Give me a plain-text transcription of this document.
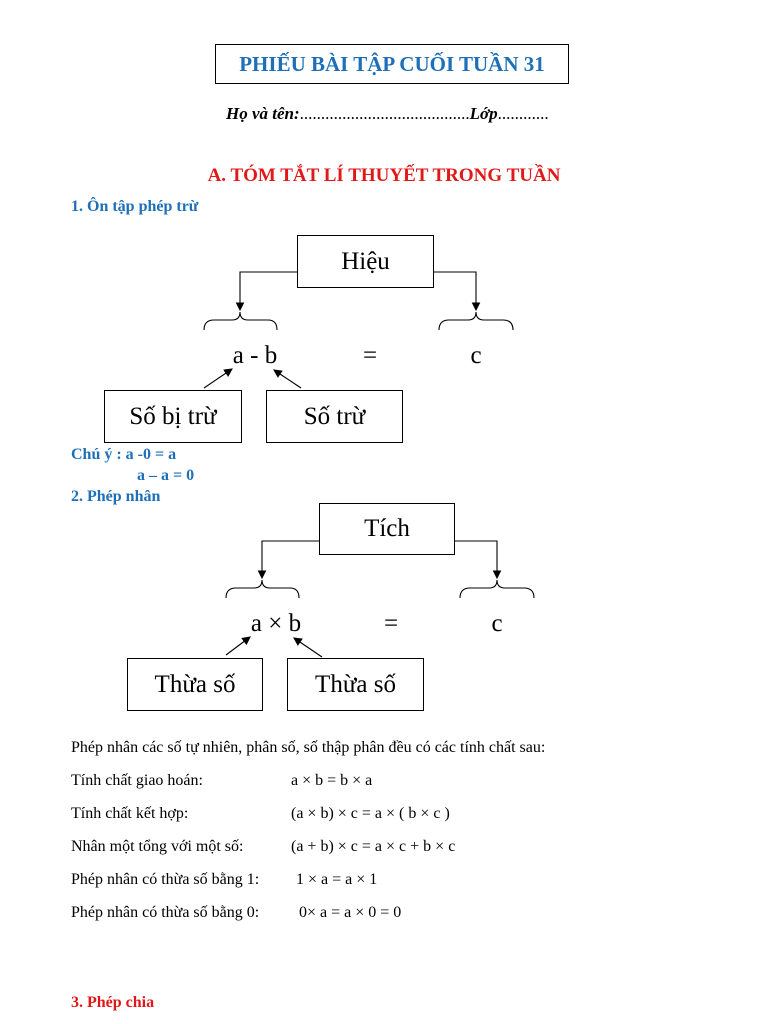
PHIẾU BÀI TẬP CUỐI TUẦN 31
Họ và tên:........................................Lớp............
A. TÓM TẮT LÍ THUYẾT TRONG TUẦN
1. Ôn tập phép trừ
Hiệu
a - b	=	c
Số bị trừ	Số trừ
Chú ý : a -0 = a
a – a = 0
2. Phép nhân
Tích
a × b	=	c
Thừa số	Thừa số
Phép nhân các số tự nhiên, phân số, số thập phân đều có các tính chất sau:
Tính chất giao hoán:	a × b = b × a
Tính chất kết hợp:	(a × b) × c = a × ( b × c )
Nhân một tổng với một số:	(a + b) × c = a × c + b × c
Phép nhân có thừa số bằng 1: 1 × a = a × 1
Phép nhân có thừa số bằng 0: 0× a = a × 0 = 0
3. Phép chia
